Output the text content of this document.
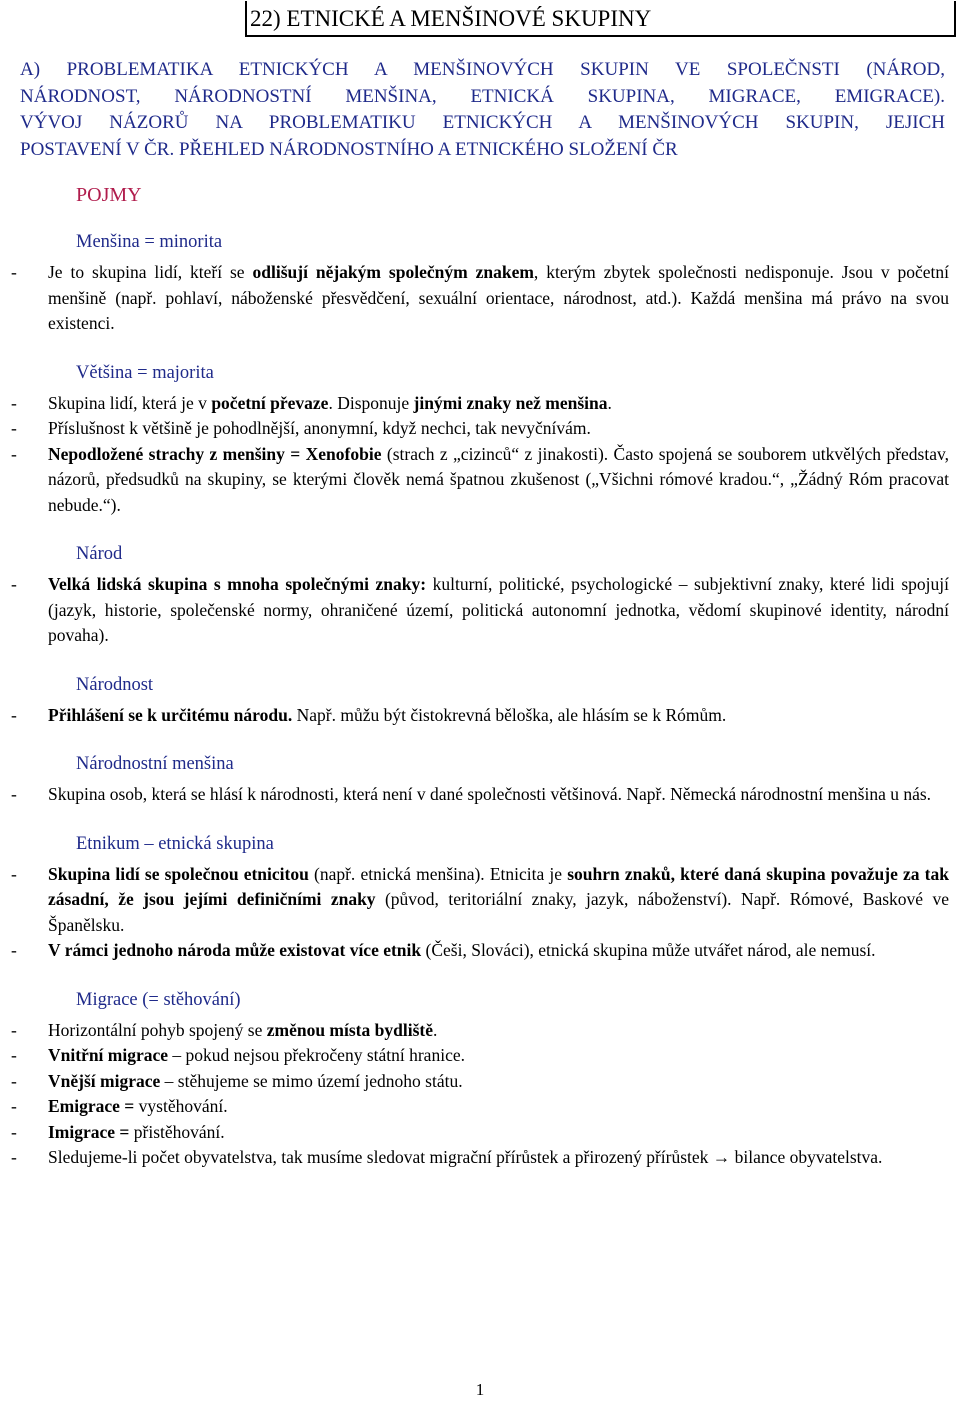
22) ETNICKÉ A MENŠINOVÉ SKUPINY
A) PROBLEMATIKA ETNICKÝCH A MENŠINOVÝCH SKUPIN VE SPOLEČNSTI (NÁROD,
NÁRODNOST, NÁRODNOSTNÍ MENŠINA, ETNICKÁ SKUPINA, MIGRACE, EMIGRACE).
VÝVOJ NÁZORŮ NA PROBLEMATIKU ETNICKÝCH A MENŠINOVÝCH SKUPIN, JEJICH
POSTAVENÍ V ČR. PŘEHLED NÁRODNOSTNÍHO A ETNICKÉHO SLOŽENÍ ČR
POJMY
Menšina = minorita
- Je to skupina lidí, kteří se odlišují nějakým společným znakem, kterým zbytek společnosti nedisponuje. Jsou v početní menšině (např. pohlaví, náboženské přesvědčení, sexuální orientace, národnost, atd.). Každá menšina má právo na svou existenci.
Většina = majorita
- Skupina lidí, která je v početní převaze. Disponuje jinými znaky než menšina.
- Příslušnost k většině je pohodlnější, anonymní, když nechci, tak nevyčnívám.
- Nepodložené strachy z menšiny = Xenofobie (strach z „cizinců“ z jinakosti). Často spojená se souborem utkvělých představ, názorů, předsudků na skupiny, se kterými člověk nemá špatnou zkušenost („Všichni rómové kradou.“, „Žádný Róm pracovat nebude.“).
Národ
- Velká lidská skupina s mnoha společnými znaky: kulturní, politické, psychologické – subjektivní znaky, které lidi spojují (jazyk, historie, společenské normy, ohraničené území, politická autonomní jednotka, vědomí skupinové identity, národní povaha).
Národnost
- Přihlášení se k určitému národu. Např. můžu být čistokrevná běloška, ale hlásím se k Rómům.
Národnostní menšina
- Skupina osob, která se hlásí k národnosti, která není v dané společnosti většinová. Např. Německá národnostní menšina u nás.
Etnikum – etnická skupina
- Skupina lidí se společnou etnicitou (např. etnická menšina). Etnicita je souhrn znaků, které daná skupina považuje za tak zásadní, že jsou jejími definičními znaky (původ, teritoriální znaky, jazyk, náboženství). Např. Rómové, Baskové ve Španělsku.
- V rámci jednoho národa může existovat více etnik (Češi, Slováci), etnická skupina může utvářet národ, ale nemusí.
Migrace (= stěhování)
- Horizontální pohyb spojený se změnou místa bydliště.
- Vnitřní migrace – pokud nejsou překročeny státní hranice.
- Vnější migrace – stěhujeme se mimo území jednoho státu.
- Emigrace = vystěhování.
- Imigrace = přistěhování.
- Sledujeme-li počet obyvatelstva, tak musíme sledovat migrační přírůstek a přirozený přírůstek → bilance obyvatelstva.
1
